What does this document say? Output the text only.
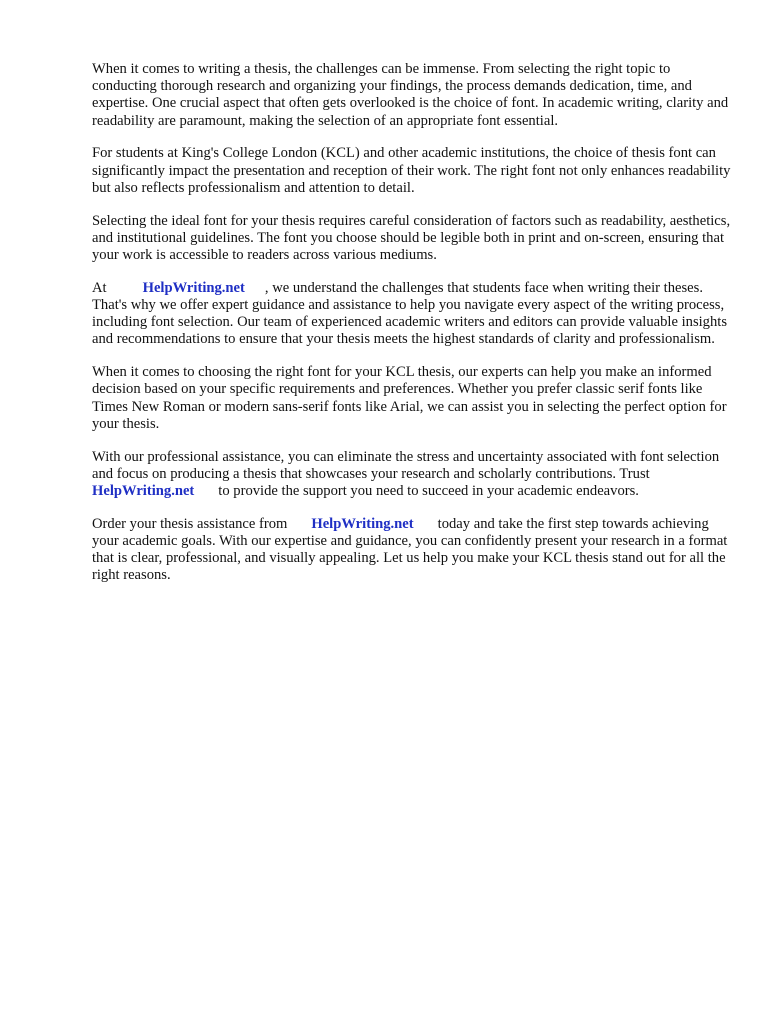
When it comes to writing a thesis, the challenges can be immense. From selecting the right topic to conducting thorough research and organizing your findings, the process demands dedication, time, and expertise. One crucial aspect that often gets overlooked is the choice of font. In academic writing, clarity and readability are paramount, making the selection of an appropriate font essential.

For students at King's College London (KCL) and other academic institutions, the choice of thesis font can significantly impact the presentation and reception of their work. The right font not only enhances readability but also reflects professionalism and attention to detail.

Selecting the ideal font for your thesis requires careful consideration of factors such as readability, aesthetics, and institutional guidelines. The font you choose should be legible both in print and on-screen, ensuring that your work is accessible to readers across various mediums.

At HelpWriting.net , we understand the challenges that students face when writing their theses. That's why we offer expert guidance and assistance to help you navigate every aspect of the writing process, including font selection. Our team of experienced academic writers and editors can provide valuable insights and recommendations to ensure that your thesis meets the highest standards of clarity and professionalism.

When it comes to choosing the right font for your KCL thesis, our experts can help you make an informed decision based on your specific requirements and preferences. Whether you prefer classic serif fonts like Times New Roman or modern sans-serif fonts like Arial, we can assist you in selecting the perfect option for your thesis.

With our professional assistance, you can eliminate the stress and uncertainty associated with font selection and focus on producing a thesis that showcases your research and scholarly contributions. TrustHelpWriting.net to provide the support you need to succeed in your academic endeavors.

Order your thesis assistance from HelpWriting.net today and take the first step towards achieving your academic goals. With our expertise and guidance, you can confidently present your research in a format that is clear, professional, and visually appealing. Let us help you make your KCL thesis stand out for all the right reasons.
